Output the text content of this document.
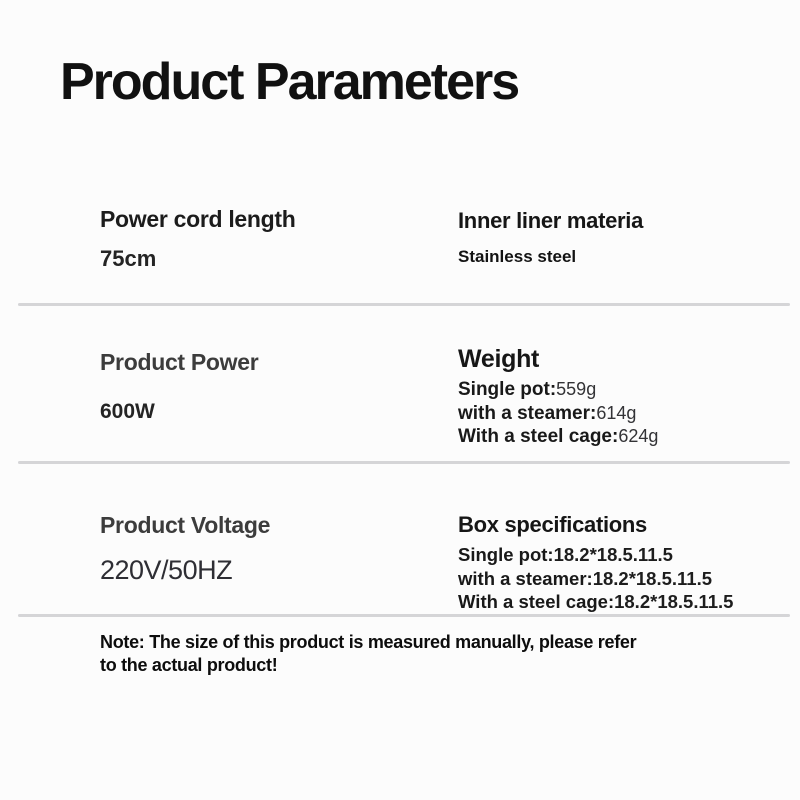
Product Parameters
Power cord length
75cm
Inner liner materia
Stainless steel
Product Power
600W
Weight
Single pot:559g
with a steamer:614g
With a steel cage:624g
Product Voltage
220V/50HZ
Box specifications
Single pot:18.2*18.5.11.5
with a steamer:18.2*18.5.11.5
With a steel cage:18.2*18.5.11.5
Note: The size of this product is measured manually, please refer
to the actual product!
